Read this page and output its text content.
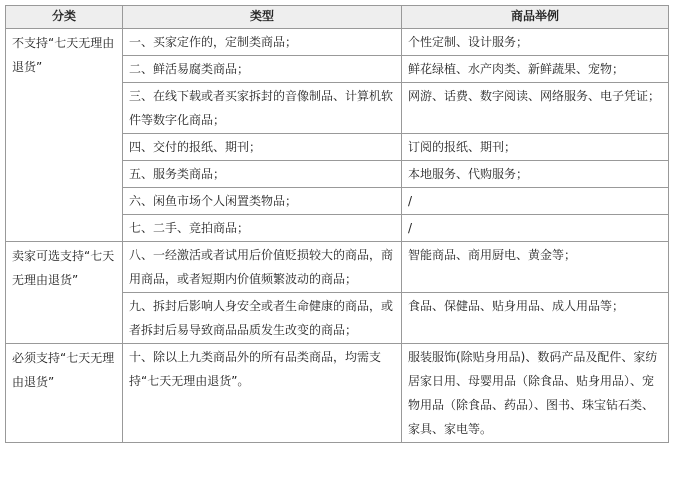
分类	类型	商品举例
不支持“七天无理由退货”	一、买家定作的，定制类商品；	个性定制、设计服务；
	二、鲜活易腐类商品；	鲜花绿植、水产肉类、新鲜蔬果、宠物；
	三、在线下载或者买家拆封的音像制品、计算机软件等数字化商品；	网游、话费、数字阅读、网络服务、电子凭证；
	四、交付的报纸、期刊；	订阅的报纸、期刊；
	五、服务类商品；	本地服务、代购服务；
	六、闲鱼市场个人闲置类物品；	/
	七、二手、竞拍商品；	/
卖家可选支持“七天无理由退货”	八、一经激活或者试用后价值贬损较大的商品，商用商品，或者短期内价值频繁波动的商品；	智能商品、商用厨电、黄金等；
	九、拆封后影响人身安全或者生命健康的商品，或者拆封后易导致商品品质发生改变的商品；	食品、保健品、贴身用品、成人用品等；
必须支持“七天无理由退货”	十、除以上九类商品外的所有品类商品，均需支持“七天无理由退货”。	服装服饰(除贴身用品)、数码产品及配件、家纺居家日用、母婴用品（除食品、贴身用品）、宠物用品（除食品、药品）、图书、珠宝钻石类、家具、家电等。
